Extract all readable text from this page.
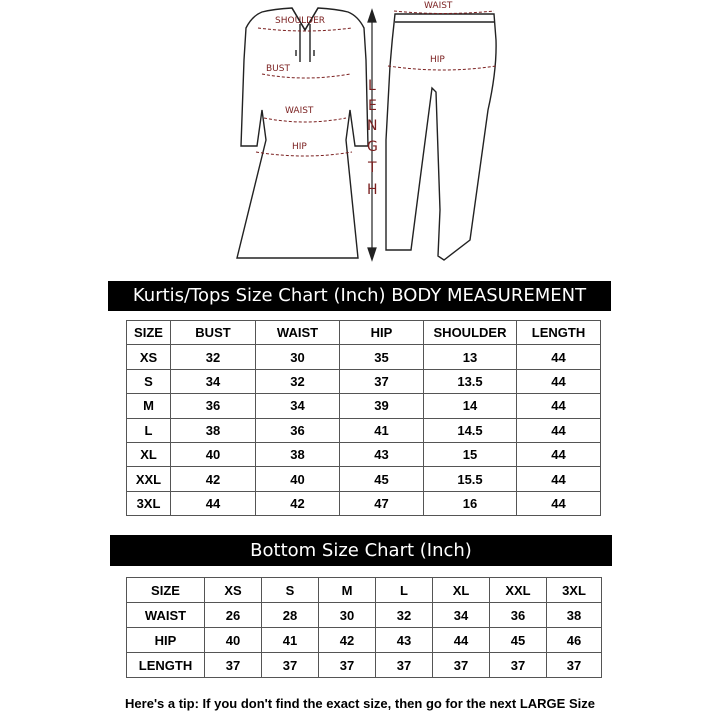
SHOULDER
BUST
WAIST
HIP
L
E
N
G
T
H
WAIST
HIP
Kurtis/Tops Size Chart (Inch) BODY MEASUREMENT
SIZE	BUST	WAIST	HIP	SHOULDER	LENGTH
XS	32	30	35	13	44
S	34	32	37	13.5	44
M	36	34	39	14	44
L	38	36	41	14.5	44
XL	40	38	43	15	44
XXL	42	40	45	15.5	44
3XL	44	42	47	16	44
Bottom Size Chart (Inch)
SIZE	XS	S	M	L	XL	XXL	3XL
WAIST	26	28	30	32	34	36	38
HIP	40	41	42	43	44	45	46
LENGTH	37	37	37	37	37	37	37
Here's a tip: If you don't find the exact size, then go for the next LARGE Size
